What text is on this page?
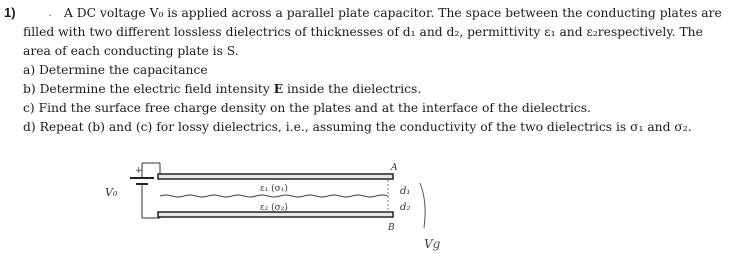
1)	. A DC voltage V₀ is applied across a parallel plate capacitor. The space between the conducting plates are
filled with two different lossless dielectrics of thicknesses of d₁ and d₂, permittivity ε₁ and ε₂respectively. The
area of each conducting plate is S.
a) Determine the capacitance
b) Determine the electric field intensity E inside the dielectrics.
c) Find the surface free charge density on the plates and at the interface of the dielectrics.
d) Repeat (b) and (c) for lossy dielectrics, i.e., assuming the conductivity of the two dielectrics is σ₁ and σ₂.
+
V₀	ε₁ (σ₁)
ε₂ (σ₂)
A
d₁
d₂
B
Vg
